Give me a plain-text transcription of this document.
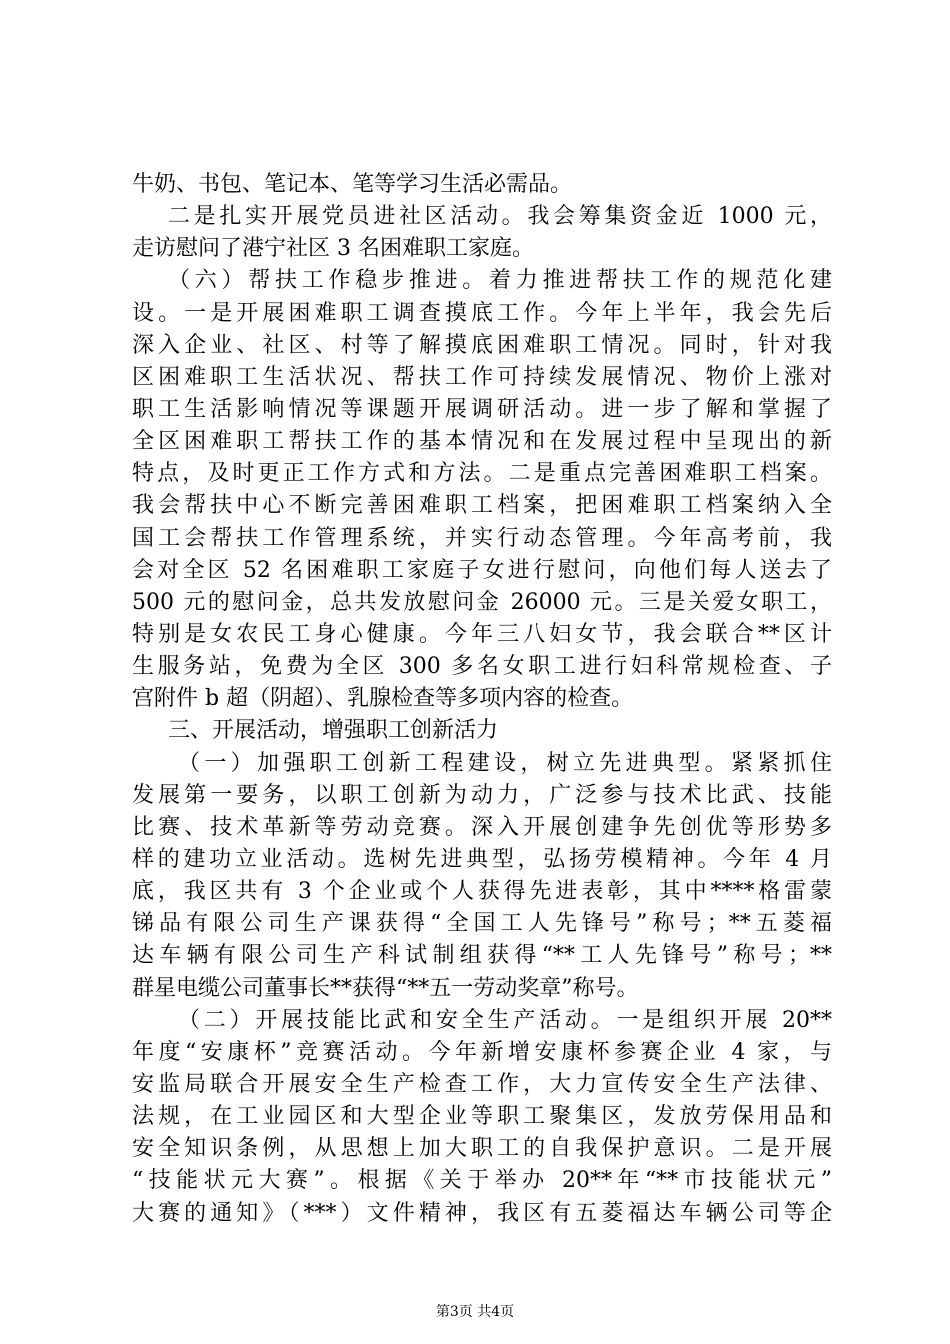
牛奶、书包、笔记本、笔等学习生活必需品。
二是扎实开展党员进社区活动。我会筹集资金近 1000 元，
走访慰问了港宁社区 3 名困难职工家庭。
（六）帮扶工作稳步推进。着力推进帮扶工作的规范化建
设。一是开展困难职工调查摸底工作。今年上半年，我会先后
深入企业、社区、村等了解摸底困难职工情况。同时，针对我
区困难职工生活状况、帮扶工作可持续发展情况、物价上涨对
职工生活影响情况等课题开展调研活动。进一步了解和掌握了
全区困难职工帮扶工作的基本情况和在发展过程中呈现出的新
特点，及时更正工作方式和方法。二是重点完善困难职工档案。
我会帮扶中心不断完善困难职工档案，把困难职工档案纳入全
国工会帮扶工作管理系统，并实行动态管理。今年高考前，我
会对全区 52 名困难职工家庭子女进行慰问，向他们每人送去了
500 元的慰问金，总共发放慰问金 26000 元。三是关爱女职工，
特别是女农民工身心健康。今年三八妇女节，我会联合**区计
生服务站，免费为全区 300 多名女职工进行妇科常规检查、子
宫附件 b 超（阴超）、乳腺检查等多项内容的检查。
三、开展活动，增强职工创新活力
（一）加强职工创新工程建设，树立先进典型。紧紧抓住
发展第一要务，以职工创新为动力，广泛参与技术比武、技能
比赛、技术革新等劳动竞赛。深入开展创建争先创优等形势多
样的建功立业活动。选树先进典型，弘扬劳模精神。今年 4 月
底，我区共有 3 个企业或个人获得先进表彰，其中****格雷蒙
锑品有限公司生产课获得“全国工人先锋号”称号；**五菱福
达车辆有限公司生产科试制组获得“**工人先锋号”称号；**
群星电缆公司董事长**获得“**五一劳动奖章”称号。
（二）开展技能比武和安全生产活动。一是组织开展 20**
年度“安康杯”竞赛活动。今年新增安康杯参赛企业 4 家，与
安监局联合开展安全生产检查工作，大力宣传安全生产法律、
法规，在工业园区和大型企业等职工聚集区，发放劳保用品和
安全知识条例，从思想上加大职工的自我保护意识。二是开展
“技能状元大赛”。根据《关于举办 20**年“**市技能状元”
大赛的通知》（***）文件精神，我区有五菱福达车辆公司等企
第3页 共4页
